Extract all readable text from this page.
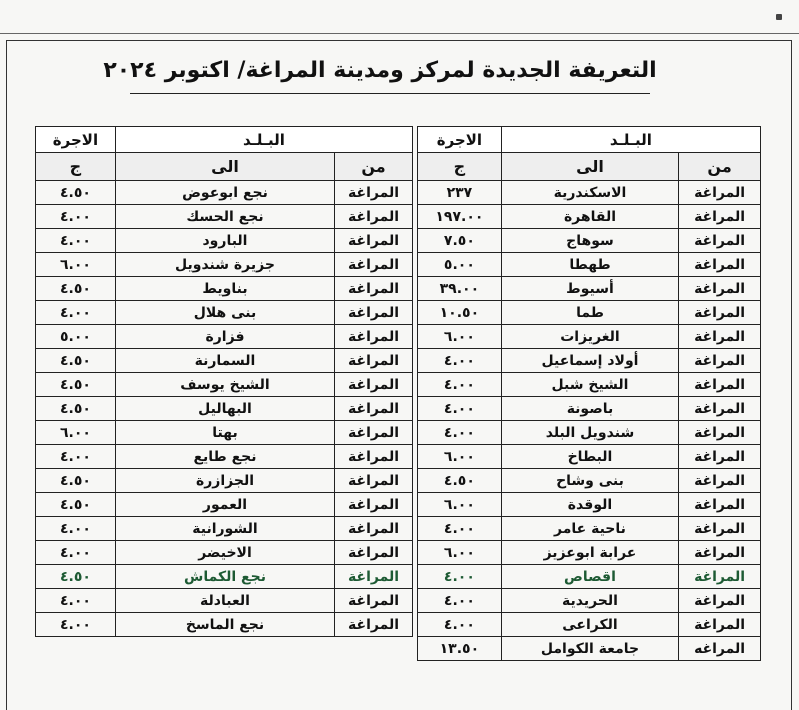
التعريفة الجديدة لمركز ومدينة المراغة/ اكتوبر ٢٠٢٤
البـلـد		الاجرة
من	الى	ج
المراغة	الاسكندرية	٢٣٧
المراغة	القاهرة	١٩٧.٠٠
المراغة	سوهاج	٧.٥٠
المراغة	طهطا	٥.٠٠
المراغة	أسيوط	٣٩.٠٠
المراغة	طما	١٠.٥٠
المراغة	الغريزات	٦.٠٠
المراغة	أولاد إسماعيل	٤.٠٠
المراغة	الشيخ شبل	٤.٠٠
المراغة	باصونة	٤.٠٠
المراغة	شندويل البلد	٤.٠٠
المراغة	البطاخ	٦.٠٠
المراغة	بنى وشاح	٤.٥٠
المراغة	الوقدة	٦.٠٠
المراغة	ناحية عامر	٤.٠٠
المراغة	عرابة ابوعزيز	٦.٠٠
المراغة	اقصاص	٤.٠٠
المراغة	الحريدية	٤.٠٠
المراغة	الكراعى	٤.٠٠
المراغه	جامعة الكوامل	١٣.٥٠
البـلـد		الاجرة
من	الى	ج
المراغة	نجع ابوعوض	٤.٥٠
المراغة	نجع الحسك	٤.٠٠
المراغة	البارود	٤.٠٠
المراغة	جزيرة شندويل	٦.٠٠
المراغة	بناويط	٤.٥٠
المراغة	بنى هلال	٤.٠٠
المراغة	فزارة	٥.٠٠
المراغة	السمارنة	٤.٥٠
المراغة	الشيخ يوسف	٤.٥٠
المراغة	البهاليل	٤.٥٠
المراغة	بهتا	٦.٠٠
المراغة	نجع طايع	٤.٠٠
المراغة	الجزازرة	٤.٥٠
المراغة	العمور	٤.٥٠
المراغة	الشورانية	٤.٠٠
المراغة	الاخيضر	٤.٠٠
المراغة	نجع الكماش	٤.٥٠
المراغة	العبادلة	٤.٠٠
المراغة	نجع الماسخ	٤.٠٠
